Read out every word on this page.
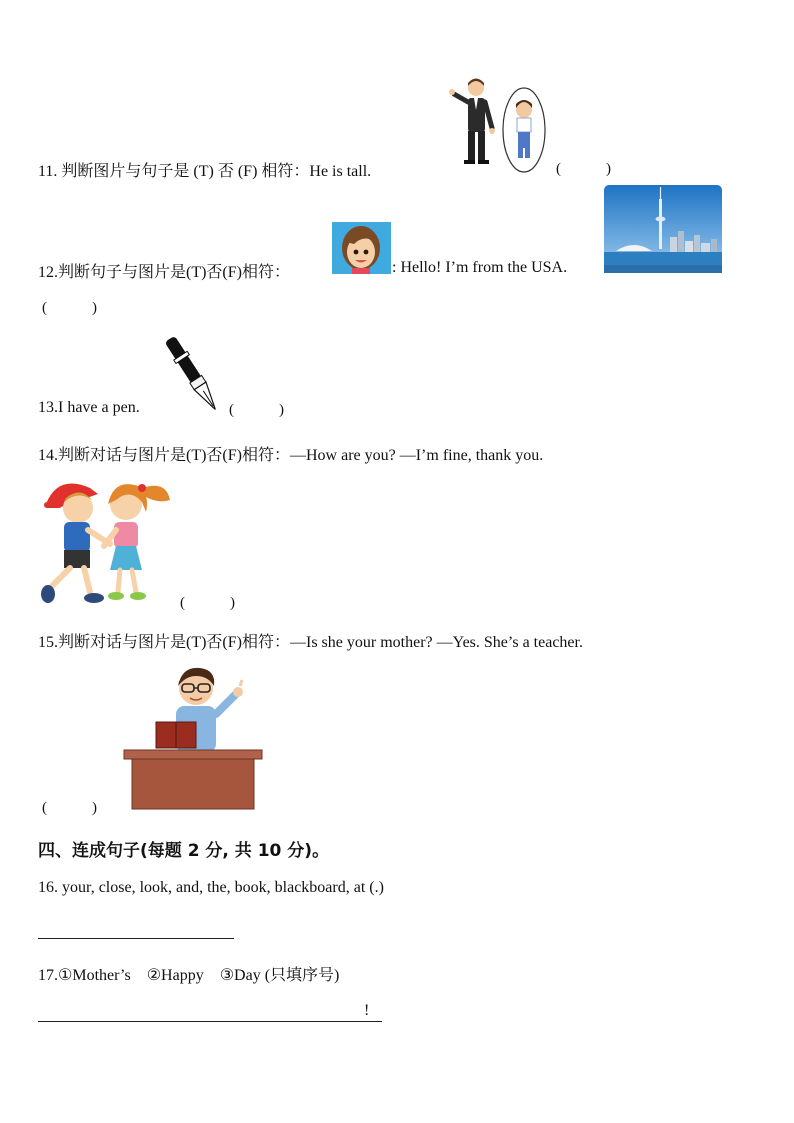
11. 判断图片与句子是 (T) 否 (F) 相符：He is tall.	(　　　)
12.判断句子与图片是(T)否(F)相符：	: Hello! I’m from the USA.
(　　　)
13.I have a pen.	(　　　)
14.判断对话与图片是(T)否(F)相符：—How are you? —I’m fine, thank you.
(　　　)
15.判断对话与图片是(T)否(F)相符：—Is she your mother? —Yes. She’s a teacher.
(　　　)
四、连成句子(每题 2 分, 共 10 分)。
16. your, close, look, and, the, book, blackboard, at (.)
17.①Mother’s　②Happy　③Day (只填序号)
!
